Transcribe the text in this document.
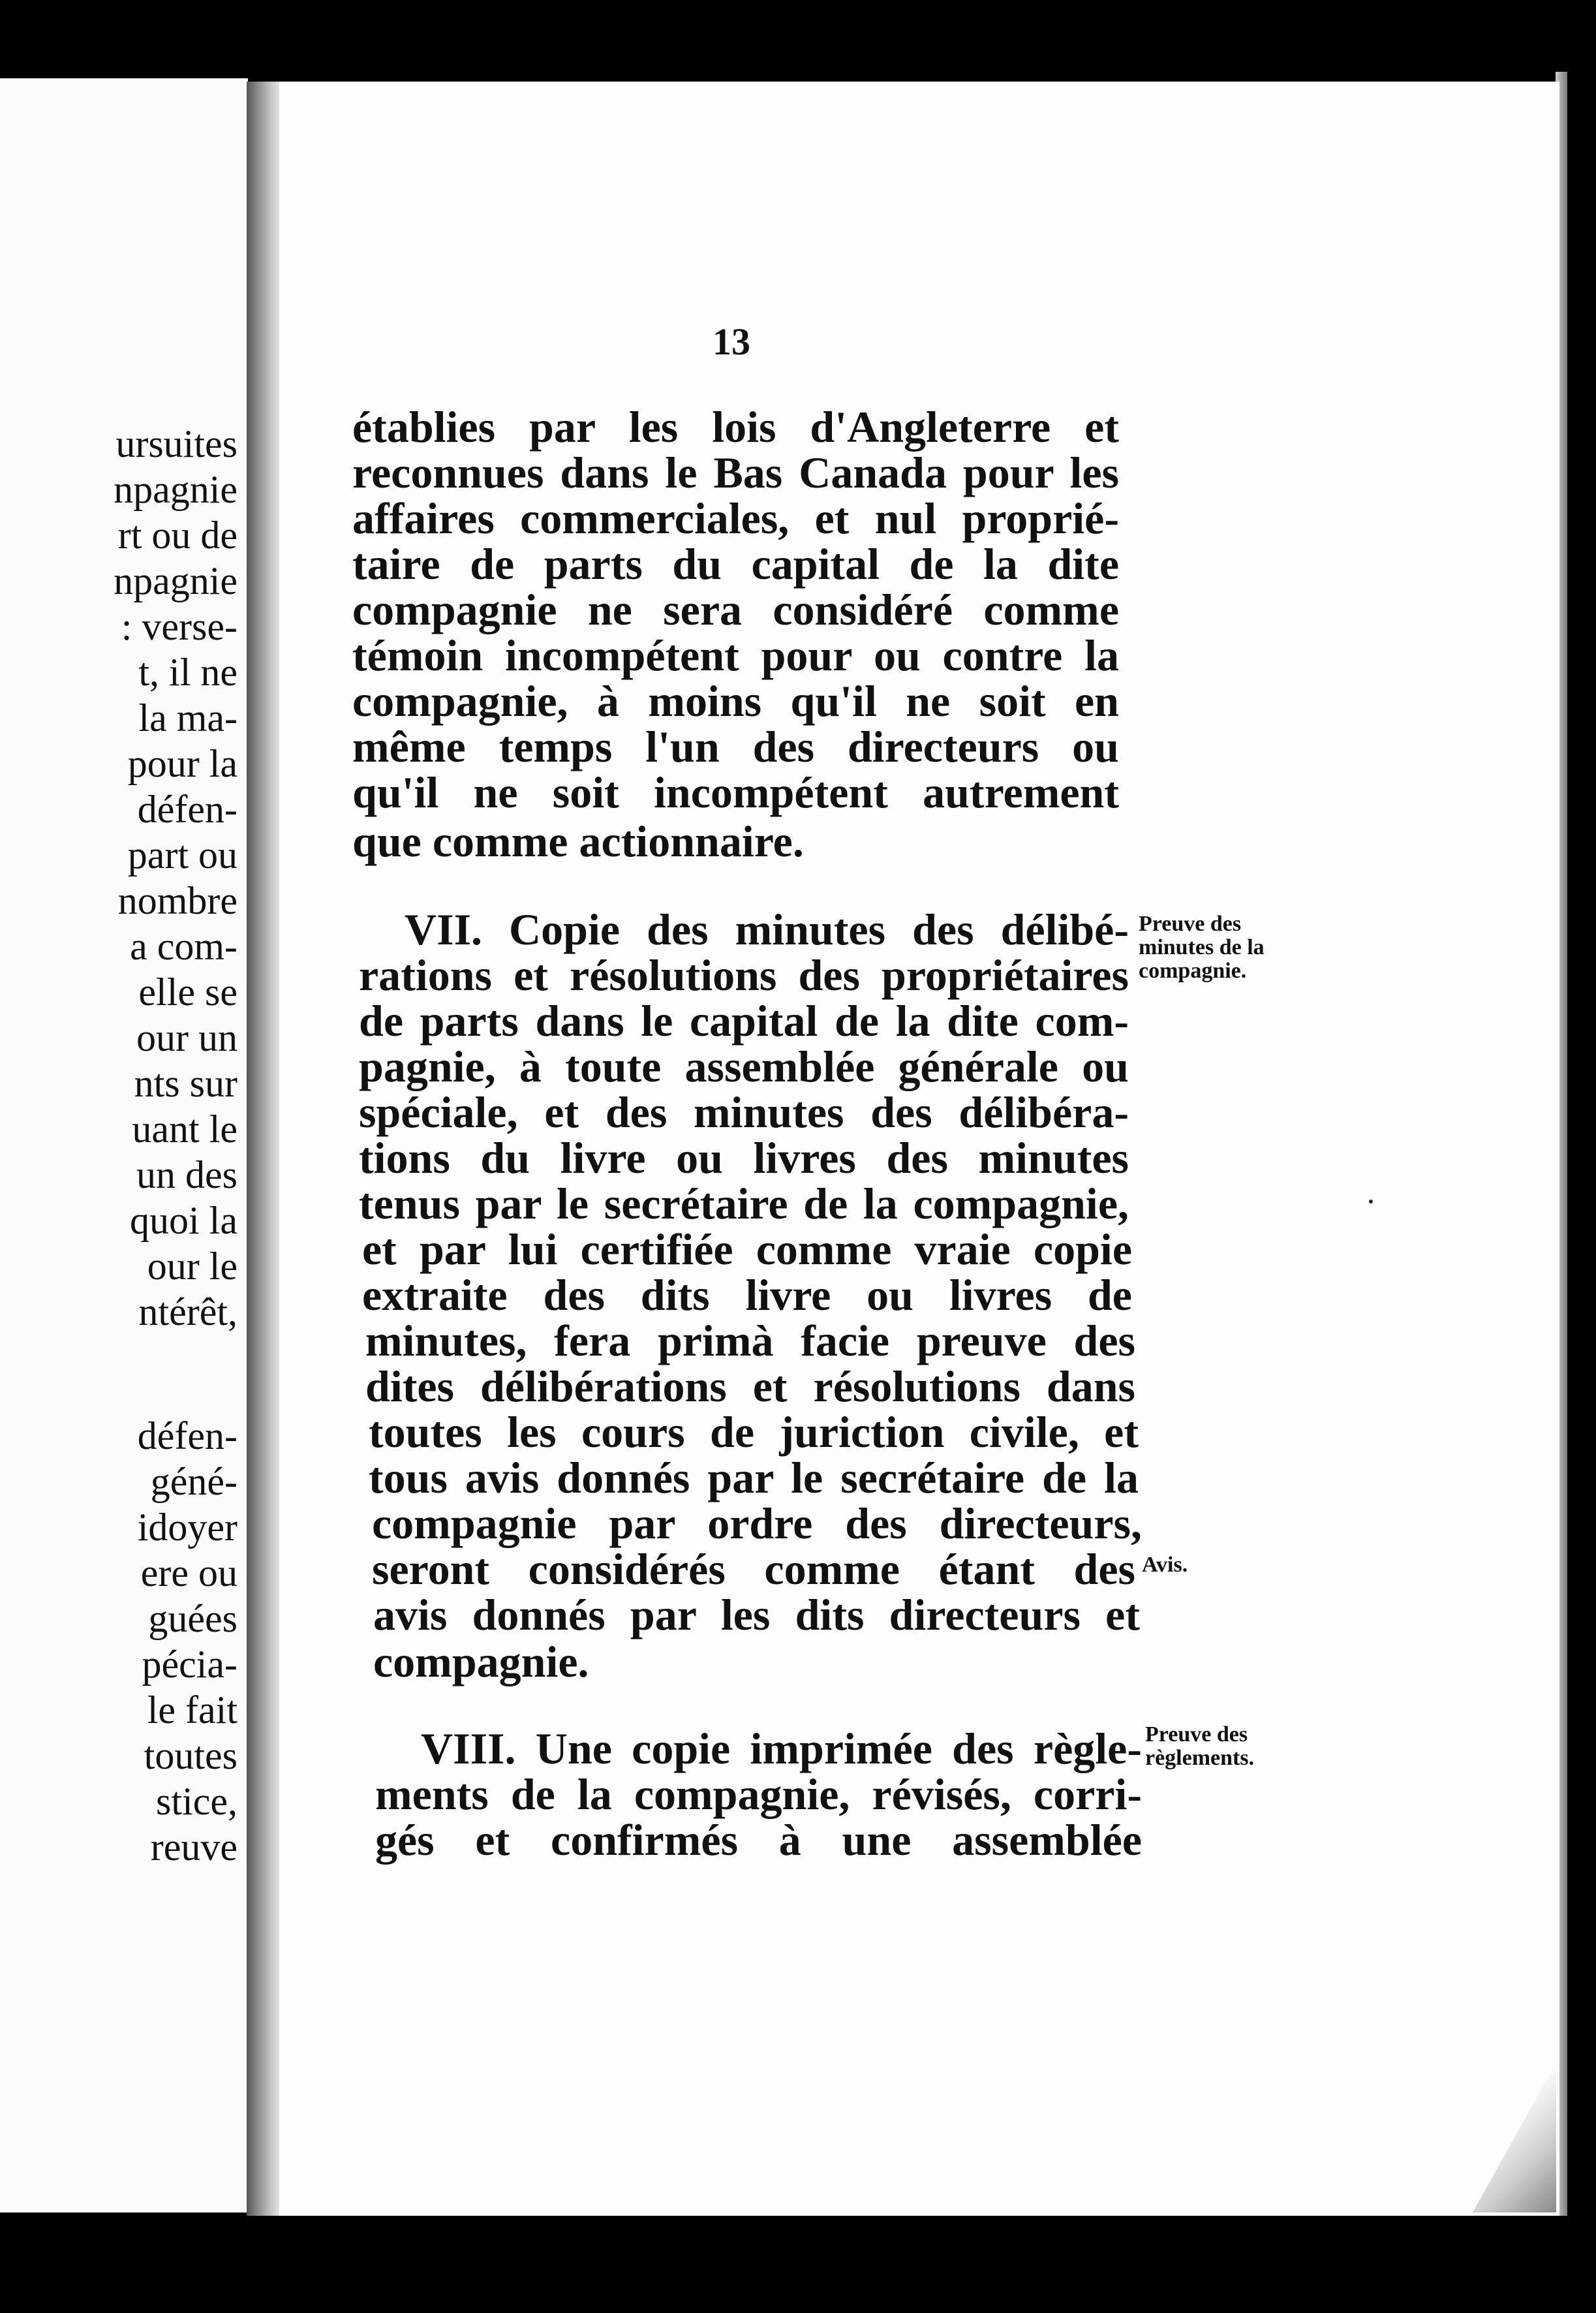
ursuites
npagnie
rt ou de
npagnie
: verse-
t, il ne
la ma-
pour la
défen-
part ou
nombre
a com-
elle se
our un
nts sur
uant le
un des
quoi la
our le
ntérêt,
défen-
géné-
idoyer
ere ou
guées
pécia-
le fait
toutes
stice,
reuve
13
établies par les lois d'Angleterre et
reconnues dans le Bas Canada pour les
affaires commerciales, et nul proprié-
taire de parts du capital de la dite
compagnie ne sera considéré comme
témoin incompétent pour ou contre la
compagnie, à moins qu'il ne soit en
même temps l'un des directeurs ou
qu'il ne soit incompétent autrement
que comme actionnaire.
VII. Copie des minutes des délibé-
rations et résolutions des propriétaires
de parts dans le capital de la dite com-
pagnie, à toute assemblée générale ou
spéciale, et des minutes des délibéra-
tions du livre ou livres des minutes
tenus par le secrétaire de la compagnie,
et par lui certifiée comme vraie copie
extraite des dits livre ou livres de
minutes, fera primà facie preuve des
dites délibérations et résolutions dans
toutes les cours de juriction civile, et
tous avis donnés par le secrétaire de la
compagnie par ordre des directeurs,
seront considérés comme étant des
avis donnés par les dits directeurs et
compagnie.
VIII. Une copie imprimée des règle-
ments de la compagnie, révisés, corri-
gés et confirmés à une assemblée
Preuve des
minutes de la
compagnie.
Avis.
Preuve des
règlements.
